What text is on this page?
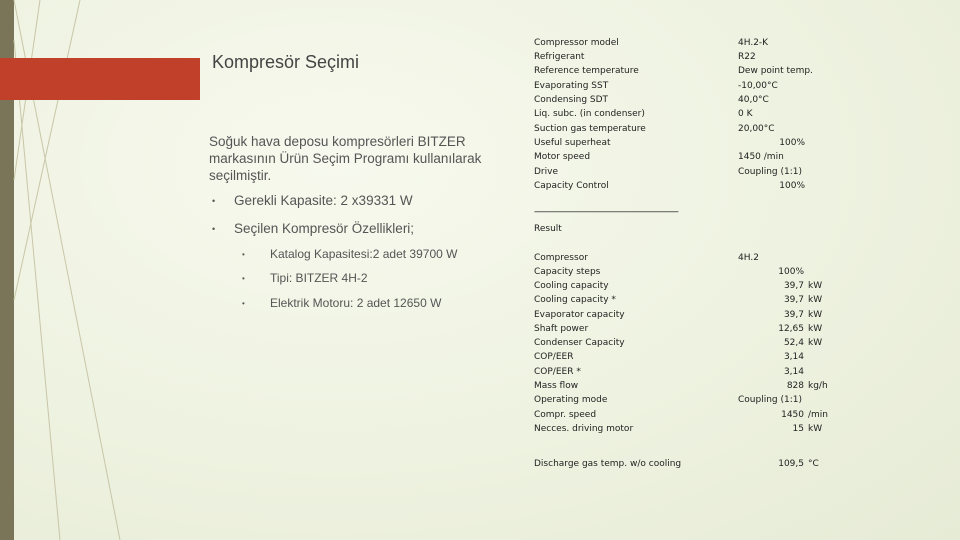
Kompresör Seçimi
Soğuk hava deposu kompresörleri BITZER markasının Ürün Seçim Programı kullanılarak seçilmiştir.
• Gerekli Kapasite: 2 x39331 W
• Seçilen Kompresör Özellikleri;
• Katalog Kapasitesi:2 adet 39700 W
• Tipi: BITZER 4H-2
• Elektrik Motoru: 2 adet 12650 W
Compressor model	4H.2-K
Refrigerant	R22
Reference temperature	Dew point temp.
Evaporating SST	-10,00°C
Condensing SDT	40,0°C
Liq. subc. (in condenser)	0 K
Suction gas temperature	20,00°C
Useful superheat	100%
Motor speed	1450 /min
Drive	Coupling (1:1)
Capacity Control	100%
----------------------------------------------------------------
Result
Compressor	4H.2
Capacity steps	100%
Cooling capacity	39,7 kW
Cooling capacity *	39,7 kW
Evaporator capacity	39,7 kW
Shaft power	12,65 kW
Condenser Capacity	52,4 kW
COP/EER	3,14
COP/EER *	3,14
Mass flow	828 kg/h
Operating mode	Coupling (1:1)
Compr. speed	1450 /min
Necces. driving motor	15 kW
Discharge gas temp. w/o cooling	109,5 °C
